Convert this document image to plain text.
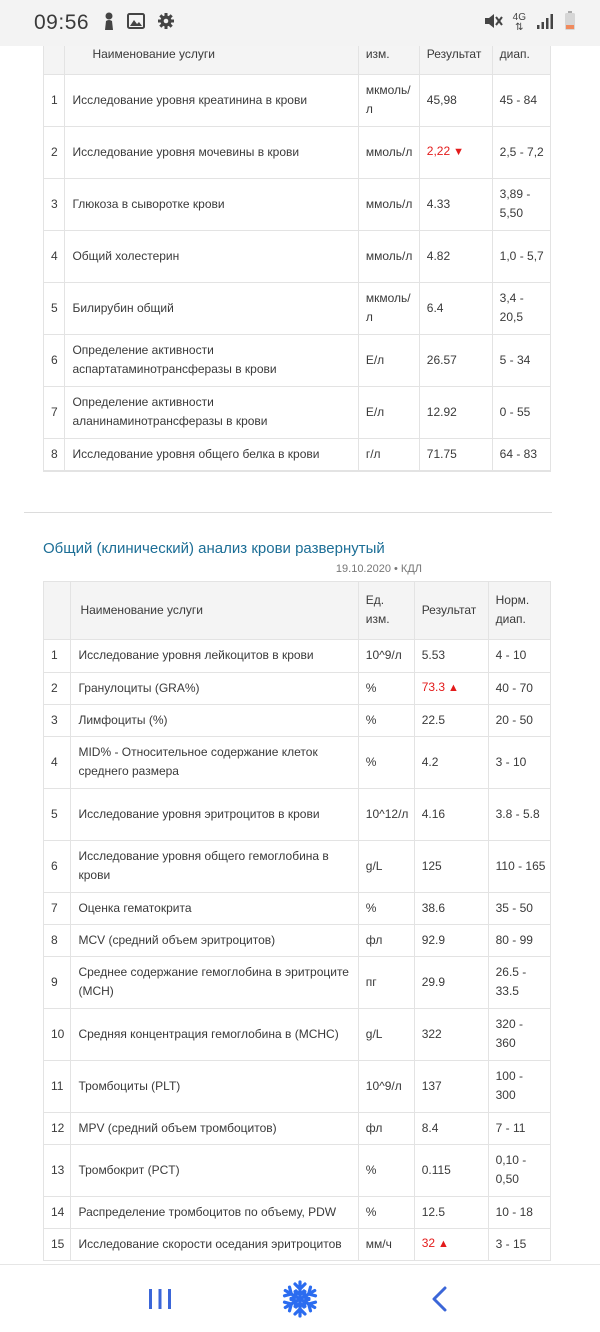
09:56	4G
⇅
	Наименование услуги	изм.	Результат	диап.
1	Исследование уровня креатинина в крови	мкмоль/л	45,98	45 - 84
2	Исследование уровня мочевины в крови	ммоль/л	2,22 ▼	2,5 - 7,2
3	Глюкоза в сыворотке крови	ммоль/л	4.33	3,89 - 5,50
4	Общий холестерин	ммоль/л	4.82	1,0 - 5,7
5	Билирубин общий	мкмоль/л	6.4	3,4 - 20,5
6	Определение активности аспартатаминотрансферазы в крови	Е/л	26.57	5 - 34
7	Определение активности аланинаминотрансферазы в крови	Е/л	12.92	0 - 55
8	Исследование уровня общего белка в крови	г/л	71.75	64 - 83
Общий (клинический) анализ крови развернутый
19.10.2020 • КДЛ
	Наименование услуги	Ед. изм.	Результат	Норм. диап.
1	Исследование уровня лейкоцитов в крови	10^9/л	5.53	4 - 10
2	Гранулоциты (GRA%)	%	73.3 ▲	40 - 70
3	Лимфоциты (%)	%	22.5	20 - 50
4	MID% - Относительное содержание клеток среднего размера	%	4.2	3 - 10
5	Исследование уровня эритроцитов в крови	10^12/л	4.16	3.8 - 5.8
6	Исследование уровня общего гемоглобина в крови	g/L	125	110 - 165
7	Оценка гематокрита	%	38.6	35 - 50
8	MCV (средний объем эритроцитов)	фл	92.9	80 - 99
9	Среднее содержание гемоглобина в эритроците (MCH)	пг	29.9	26.5 - 33.5
10	Средняя концентрация гемоглобина в (MCHC)	g/L	322	320 - 360
11	Тромбоциты (PLT)	10^9/л	137	100 - 300
12	MPV (средний объем тромбоцитов)	фл	8.4	7 - 11
13	Тромбокрит (PCT)	%	0.115	0,10 - 0,50
14	Распределение тромбоцитов по объему, PDW	%	12.5	10 - 18
15	Исследование скорости оседания эритроцитов	мм/ч	32 ▲	3 - 15
